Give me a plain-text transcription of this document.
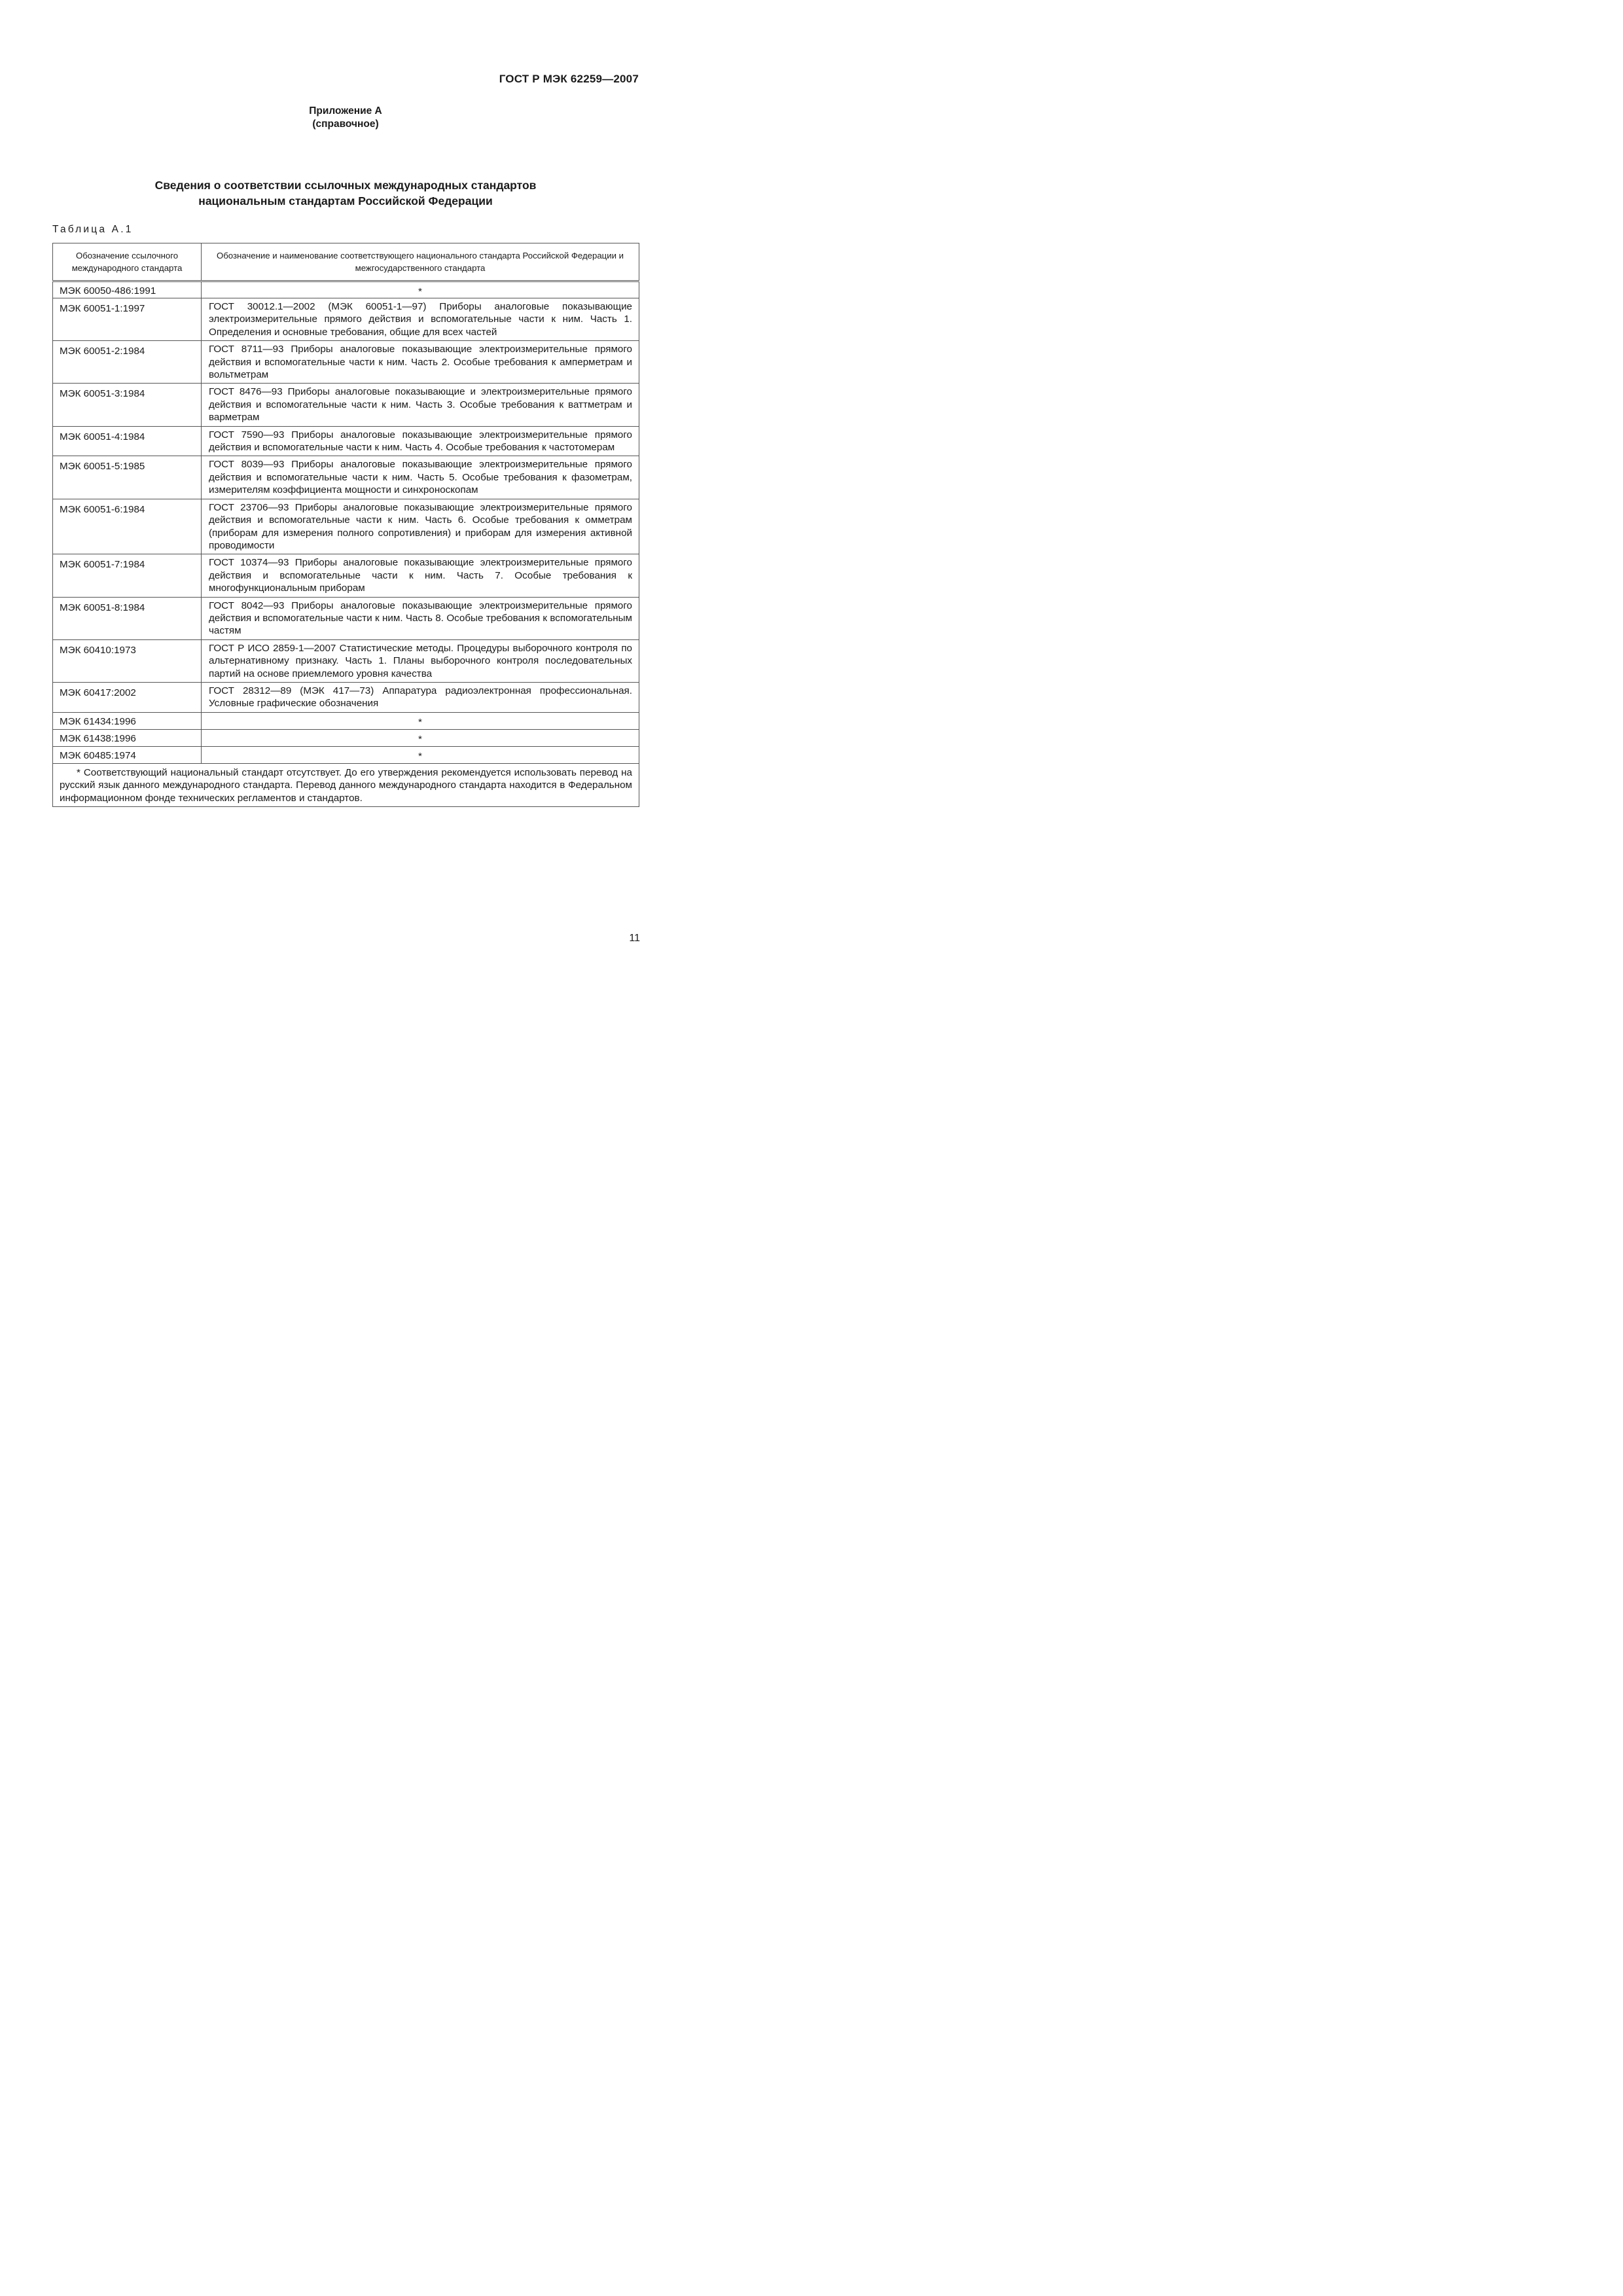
ГОСТ Р МЭК 62259—2007
Приложение А
(справочное)
Сведения о соответствии ссылочных международных стандартов
национальным стандартам Российской Федерации
Таблица А.1
Обозначение ссылочного международного стандарта	Обозначение и наименование соответствующего национального стандарта Российской Федерации и межгосударственного стандарта
МЭК 60050-486:1991	*
МЭК 60051-1:1997	ГОСТ 30012.1—2002 (МЭК 60051-1—97) Приборы аналоговые показывающие электроизмерительные прямого действия и вспомогательные части к ним. Часть 1. Определения и основные требования, общие для всех частей
МЭК 60051-2:1984	ГОСТ 8711—93 Приборы аналоговые показывающие электроизмерительные прямого действия и вспомогательные части к ним. Часть 2. Особые требования к амперметрам и вольтметрам
МЭК 60051-3:1984	ГОСТ 8476—93 Приборы аналоговые показывающие и электроизмерительные прямого действия и вспомогательные части к ним. Часть 3. Особые требования к ваттметрам и варметрам
МЭК 60051-4:1984	ГОСТ 7590—93 Приборы аналоговые показывающие электроизмерительные прямого действия и вспомогательные части к ним. Часть 4. Особые требования к частотомерам
МЭК 60051-5:1985	ГОСТ 8039—93 Приборы аналоговые показывающие электроизмерительные прямого действия и вспомогательные части к ним. Часть 5. Особые требования к фазометрам, измерителям коэффициента мощности и синхроноскопам
МЭК 60051-6:1984	ГОСТ 23706—93 Приборы аналоговые показывающие электроизмерительные прямого действия и вспомогательные части к ним. Часть 6. Особые требования к омметрам (приборам для измерения полного сопротивления) и приборам для измерения активной проводимости
МЭК 60051-7:1984	ГОСТ 10374—93 Приборы аналоговые показывающие электроизмерительные прямого действия и вспомогательные части к ним. Часть 7. Особые требования к многофункциональным приборам
МЭК 60051-8:1984	ГОСТ 8042—93 Приборы аналоговые показывающие электроизмерительные прямого действия и вспомогательные части к ним. Часть 8. Особые требования к вспомогательным частям
МЭК 60410:1973	ГОСТ Р ИСО 2859-1—2007 Статистические методы. Процедуры выборочного контроля по альтернативному признаку. Часть 1. Планы выборочного контроля последовательных партий на основе приемлемого уровня качества
МЭК 60417:2002	ГОСТ 28312—89 (МЭК 417—73) Аппаратура радиоэлектронная профессиональная. Условные графические обозначения
МЭК 61434:1996	*
МЭК 61438:1996	*
МЭК 60485:1974	*
* Соответствующий национальный стандарт отсутствует. До его утверждения рекомендуется использовать перевод на русский язык данного международного стандарта. Перевод данного международного стандарта находится в Федеральном информационном фонде технических регламентов и стандартов.	
11
